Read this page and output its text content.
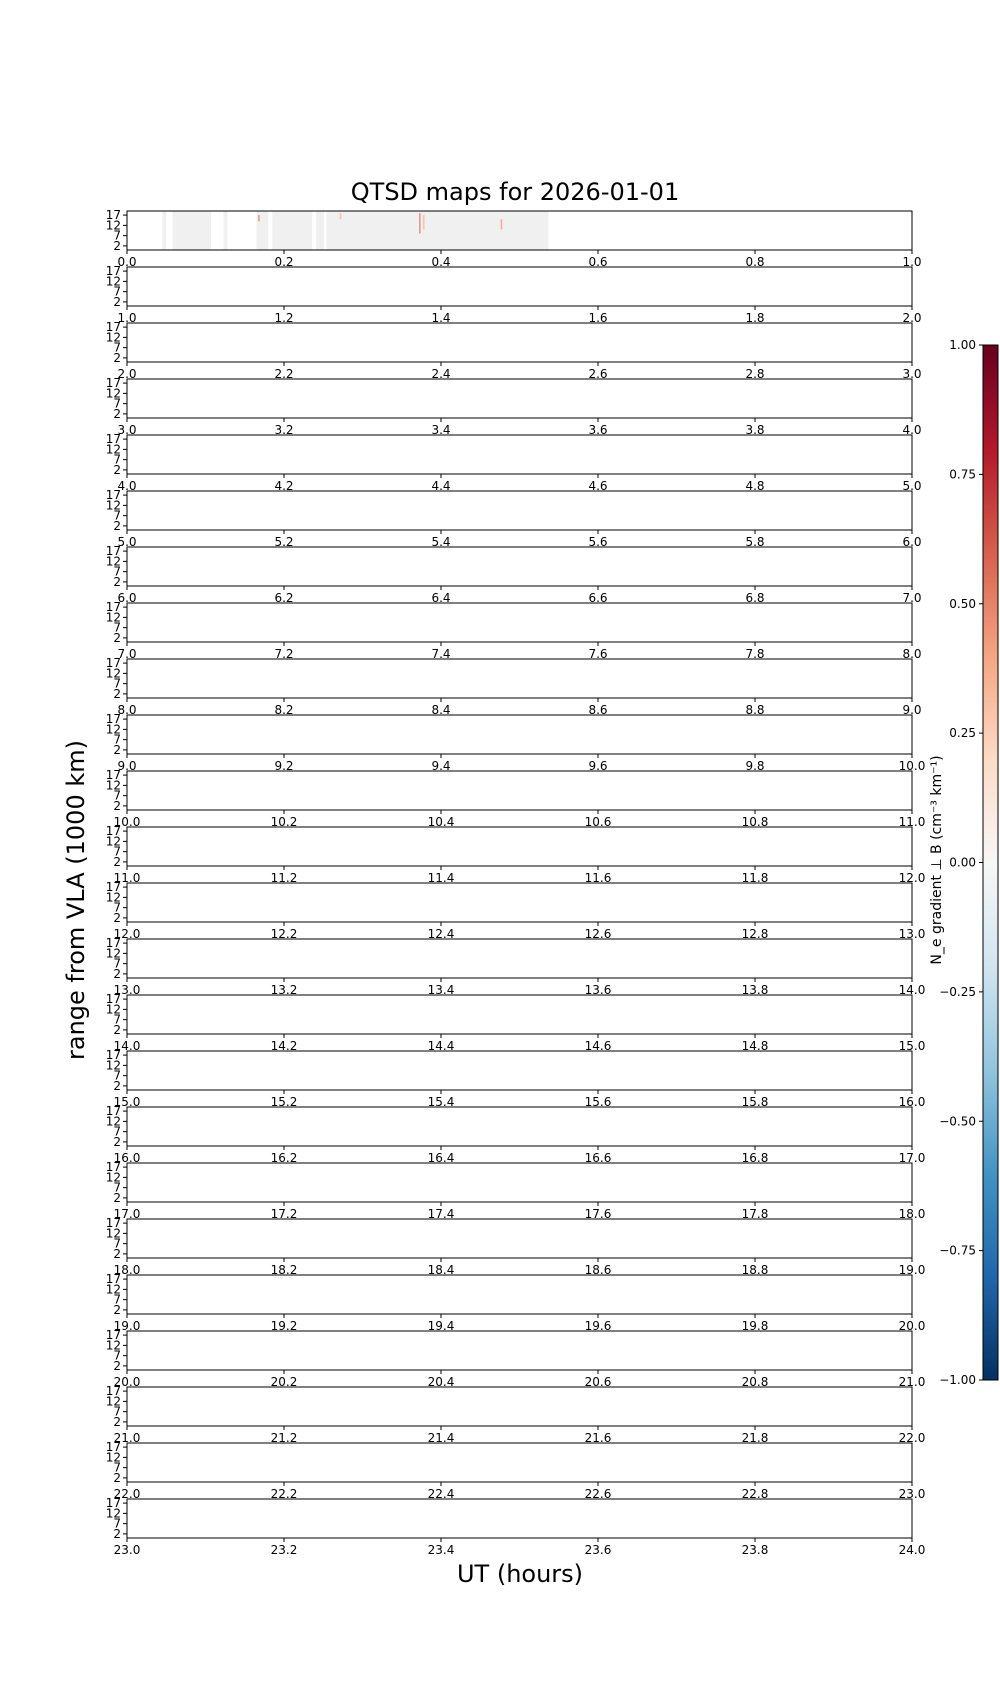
QTSD maps for 2026-01-01
2
7
12
17
0.0	0.2	0.4	0.6	0.8	1.0
2
7
12
17
1.0	1.2	1.4	1.6	1.8	2.0
2
7
12
17
2.0	2.2	2.4	2.6	2.8	3.0
2
7
12
17
3.0	3.2	3.4	3.6	3.8	4.0
2
7
12
17
4.0	4.2	4.4	4.6	4.8	5.0
2
7
12
17
5.0	5.2	5.4	5.6	5.8	6.0
2
7
12
17
6.0	6.2	6.4	6.6	6.8	7.0
2
7
12
17
7.0	7.2	7.4	7.6	7.8	8.0
2
7
12
17
8.0	8.2	8.4	8.6	8.8	9.0
2
7
12
17
9.0	9.2	9.4	9.6	9.8	10.0
2
7
12
17
10.0	10.2	10.4	10.6	10.8	11.0
2
7
12
17
11.0	11.2	11.4	11.6	11.8	12.0
2
7
12
17
12.0	12.2	12.4	12.6	12.8	13.0
2
7
12
17
13.0	13.2	13.4	13.6	13.8	14.0
2
7
12
17
14.0	14.2	14.4	14.6	14.8	15.0
2
7
12
17
15.0	15.2	15.4	15.6	15.8	16.0
2
7
12
17
16.0	16.2	16.4	16.6	16.8	17.0
2
7
12
17
17.0	17.2	17.4	17.6	17.8	18.0
2
7
12
17
18.0	18.2	18.4	18.6	18.8	19.0
2
7
12
17
19.0	19.2	19.4	19.6	19.8	20.0
2
7
12
17
20.0	20.2	20.4	20.6	20.8	21.0
2
7
12
17
21.0	21.2	21.4	21.6	21.8	22.0
2
7
12
17
22.0	22.2	22.4	22.6	22.8	23.0
2
7
12
17
23.0	23.2	23.4	23.6	23.8	24.0
UT (hours)
range from VLA (1000 km)
1.00
0.75
0.50
0.25
0.00
−0.25
−0.50
−0.75
−1.00
N_e gradient ⊥ B (cm⁻³ km⁻¹)
